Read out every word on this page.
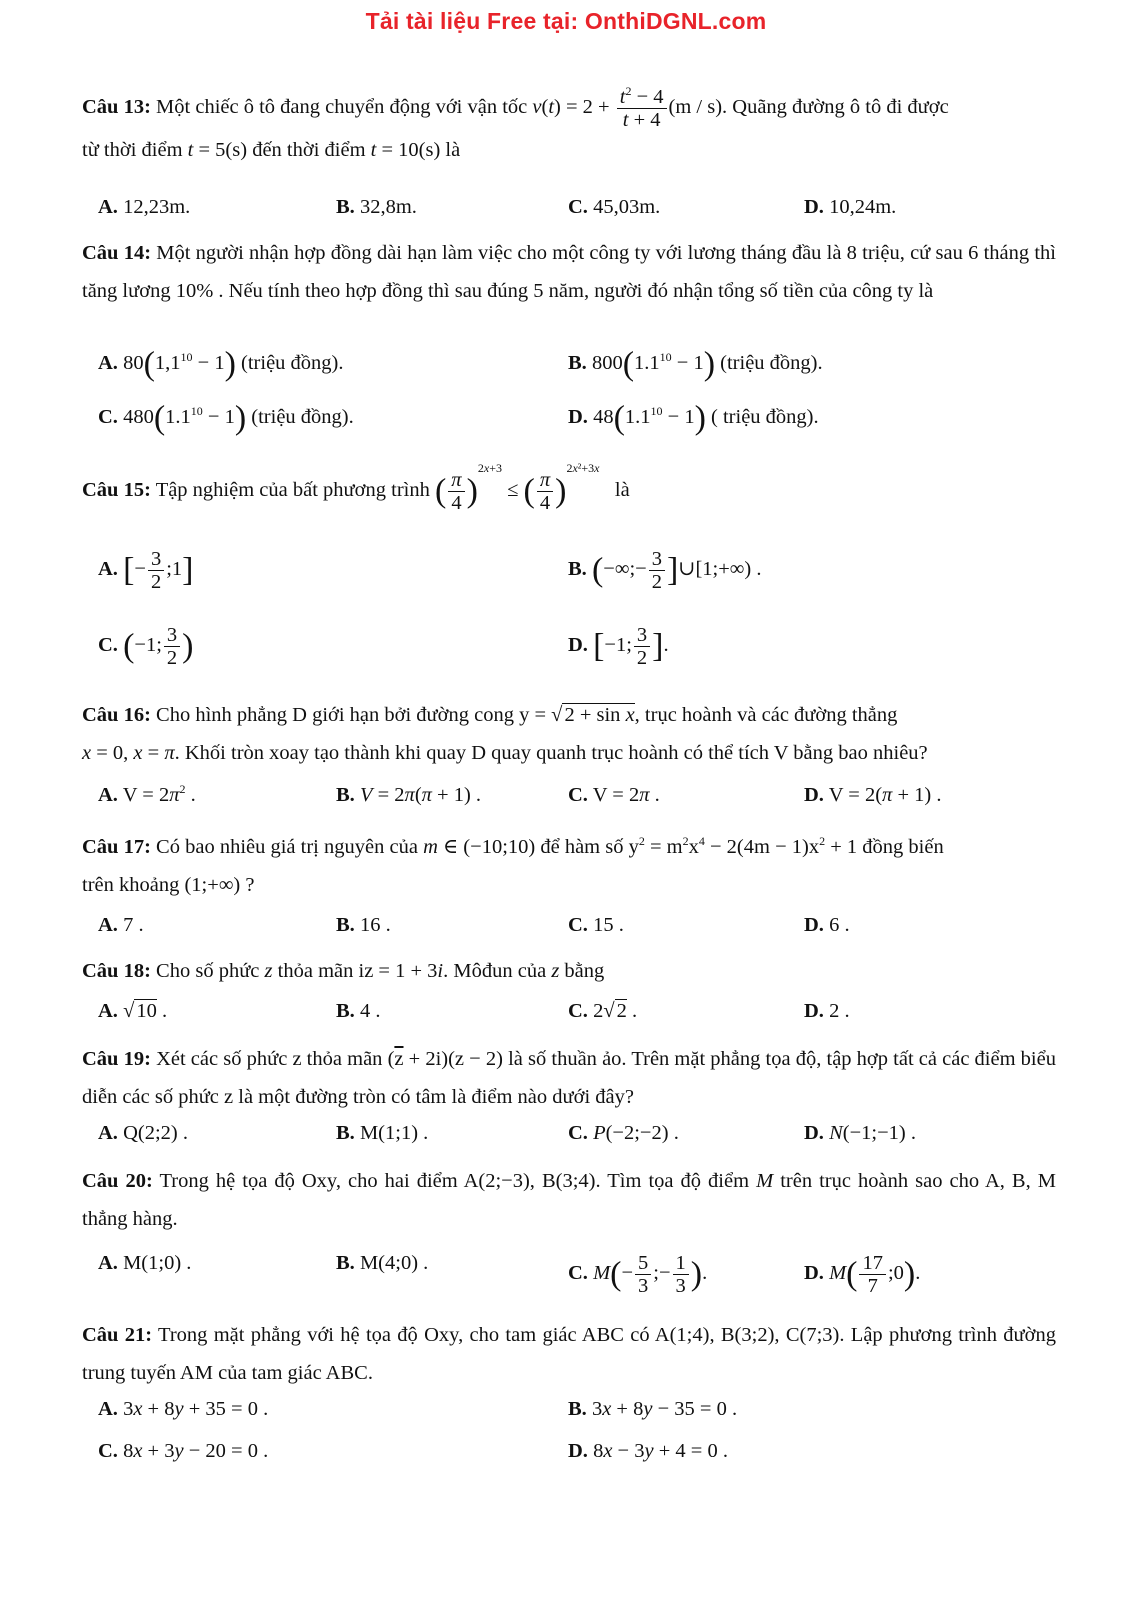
Tải tài liệu Free tại: OnthiDGNL.com
Câu 13: Một chiếc ô tô đang chuyển động với vận tốc $v(t) = 2 + \frac{t^2 - 4}{t + 4} (m / s)$. Quãng đường ô tô đi được
từ thời điểm t = 5(s) đến thời điểm t = 10(s) là
A. 12,23m.	B. 32,8m.	C. 45,03m.	D. 10,24m.
Câu 14: Một người nhận hợp đồng dài hạn làm việc cho một công ty với lương tháng đầu là 8 triệu, cứ sau 6 tháng thì tăng lương 10% . Nếu tính theo hợp đồng thì sau đúng 5 năm, người đó nhận tổng số tiền của công ty là
A. $80(1,1^{10} - 1)$ (triệu đồng).	B. $800(1.1^{10} - 1)$ (triệu đồng).
C. $480(1.1^{10} - 1)$ (triệu đồng).	D. $48(1.1^{10} - 1)$ ( triệu đồng).
Câu 15: Tập nghiệm của bất phương trình ( $\frac{\pi}{4} )^{2x+3}$ ≤ ( $\frac{\pi}{4} )^{2x^2+3x}$   là
A. [− $\frac{3}{2}$ ;1]	B. (−∞;− $\frac{3}{2}$ ]∪[1;+∞) .
C. (−1; $\frac{3}{2}$ )	D. [−1; $\frac{3}{2}$ ].
Câu 16: Cho hình phẳng D giới hạn bởi đường cong y = √2 + sin x, trục hoành và các đường thẳng
x = 0, x = π. Khối tròn xoay tạo thành khi quay D quay quanh trục hoành có thể tích V bằng bao nhiêu?
A. $V = 2\pi^2$ .	B. V = 2π(π + 1) .	C. V = 2π .	D. V = 2(π + 1) .
Câu 17: Có bao nhiêu giá trị nguyên của m ∈ (−10;10) để hàm số $y^2 = m^2x^4 - 2(4m - 1)x^2 + 1$ đồng biến
trên khoảng (1;+∞) ?
A. 7 .	B. 16 .	C. 15 .	D. 6 .
Câu 18: Cho số phức z thỏa mãn iz = 1 + 3i. Môđun của z bằng
A. √10 .	B. 4 .	C. 2√2 .	D. 2 .
Câu 19: Xét các số phức z thỏa mãn $(\overline{z} + 2i)(z - 2)$ là số thuần ảo. Trên mặt phẳng tọa độ, tập hợp tất cả các điểm biểu diễn các số phức z là một đường tròn có tâm là điểm nào dưới đây?
A. Q(2;2) .	B. M(1;1) .	C. P(−2;−2) .	D. N(−1;−1) .
Câu 20: Trong hệ tọa độ Oxy, cho hai điểm A(2;−3), B(3;4). Tìm tọa độ điểm M trên trục hoành sao cho A, B, M thẳng hàng.
A. M(1;0) .	B. M(4;0) .	C. $M(- \frac{5}{3}$ ;− $\frac{1}{3}$ ).	D. $M( \frac{17}{7}$ ;0).
Câu 21: Trong mặt phẳng với hệ tọa độ Oxy, cho tam giác ABC có A(1;4), B(3;2), C(7;3). Lập phương trình đường trung tuyến AM của tam giác ABC.
A. 3x + 8y + 35 = 0 .	B. 3x + 8y − 35 = 0 .
C. 8x + 3y − 20 = 0 .	D. 8x − 3y + 4 = 0 .
